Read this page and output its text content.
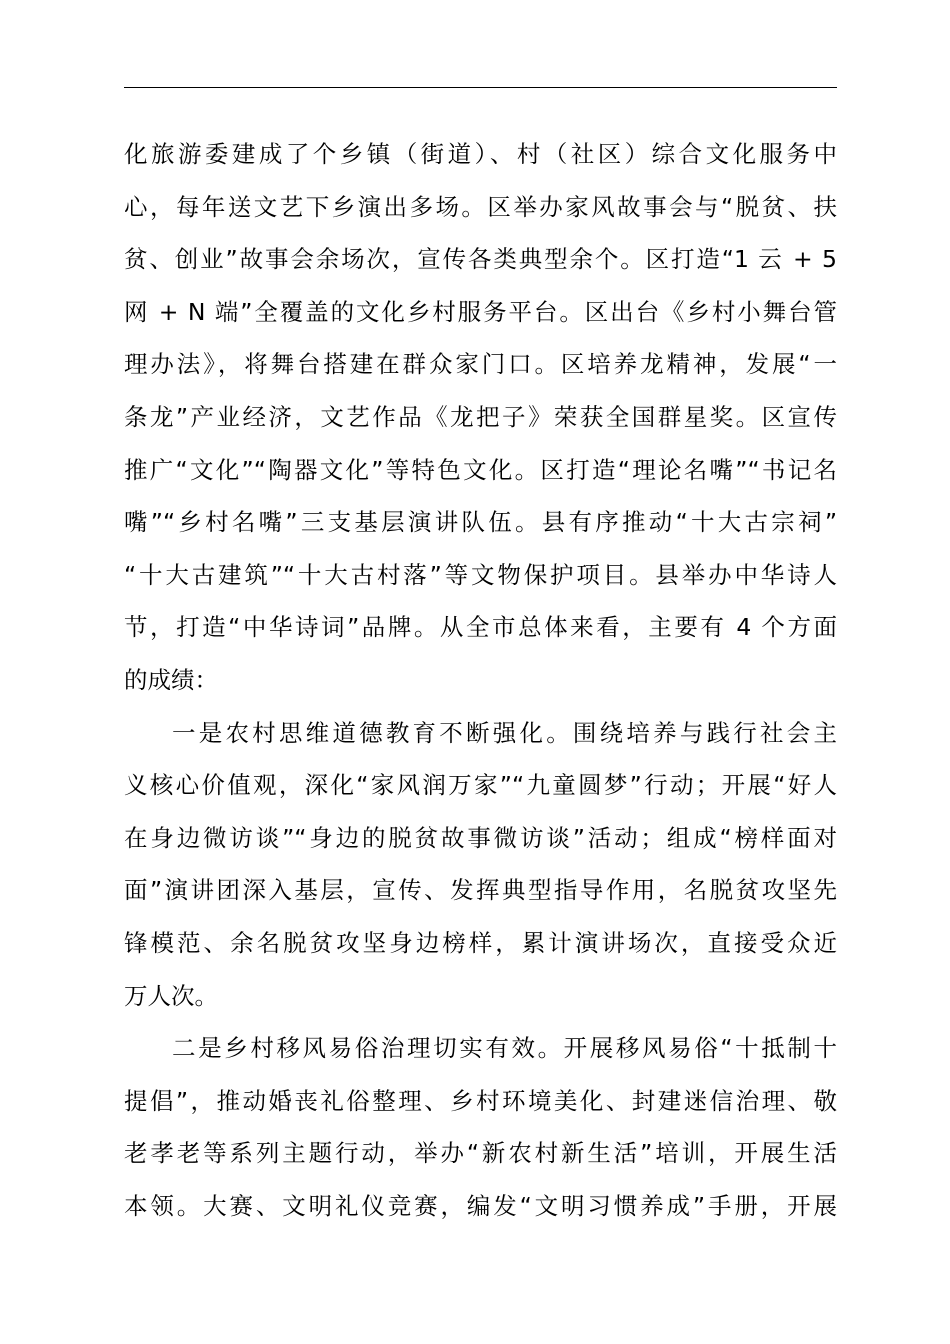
化旅游委建成了个乡镇（街道）、村（社区）综合文化服务中
心，每年送文艺下乡演出多场。区举办家风故事会与“脱贫、扶
贫、创业”故事会余场次，宣传各类典型余个。区打造“1 云 + 5
网 + N 端”全覆盖的文化乡村服务平台。区出台《乡村小舞台管
理办法》，将舞台搭建在群众家门口。区培养龙精神，发展“一
条龙”产业经济，文艺作品《龙把子》荣获全国群星奖。区宣传
推广“文化”“陶器文化”等特色文化。区打造“理论名嘴”“书记名
嘴”“乡村名嘴”三支基层演讲队伍。县有序推动“十大古宗祠”
“十大古建筑”“十大古村落”等文物保护项目。县举办中华诗人
节，打造“中华诗词”品牌。从全市总体来看，主要有 4 个方面
的成绩：
一是农村思维道德教育不断强化。围绕培养与践行社会主
义核心价值观，深化“家风润万家”“九童圆梦”行动；开展“好人
在身边微访谈”“身边的脱贫故事微访谈”活动；组成“榜样面对
面”演讲团深入基层，宣传、发挥典型指导作用，名脱贫攻坚先
锋模范、余名脱贫攻坚身边榜样，累计演讲场次，直接受众近
万人次。
二是乡村移风易俗治理切实有效。开展移风易俗“十抵制十
提倡”，推动婚丧礼俗整理、乡村环境美化、封建迷信治理、敬
老孝老等系列主题行动，举办“新农村新生活”培训，开展生活
本领。大赛、文明礼仪竞赛，编发“文明习惯养成”手册，开展
